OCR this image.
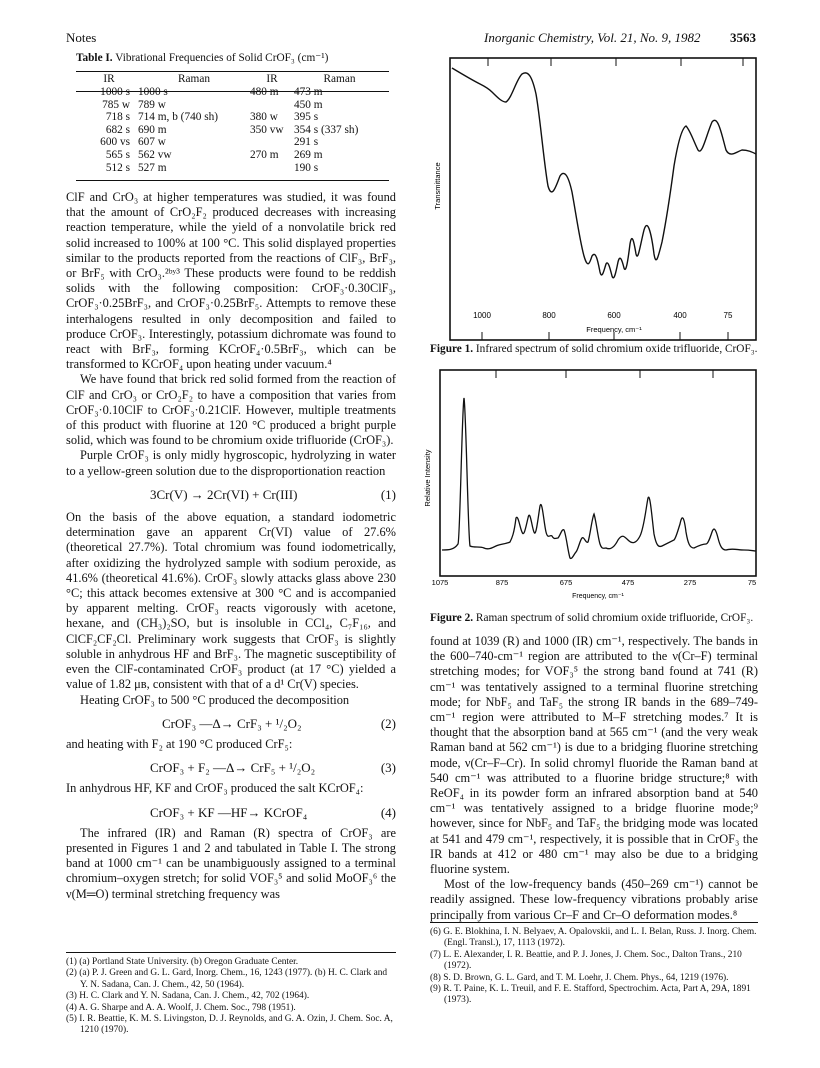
Notes	Inorganic Chemistry, Vol. 21, No. 9, 1982 3563
Table I. Vibrational Frequencies of Solid CrOF₃ (cm⁻¹)
IR	Raman	IR	Raman
1000 s	1000 s	480 m	473 m
785 w	789 w		450 m
718 s	714 m, b (740 sh)	380 w	395 s
682 s	690 m	350 vw	354 s (337 sh)
600 vs	607 w		291 s
565 s	562 vw	270 m	269 m
512 s	527 m		190 s

ClF and CrO₃ at higher temperatures was studied, it was found that the amount of CrO₂F₂ produced decreases with increasing reaction temperature, while the yield of a nonvolatile brick red solid increased to 100% at 100 °C. This solid displayed properties similar to the products reported from the reactions of ClF₃, BrF₃, or BrF₅ with CrO₃.²ᵇʸ³ These products were found to be reddish solids with the following composition: CrOF₃·0.30ClF₃, CrOF₃·0.25BrF₃, and CrOF₃·0.25BrF₅. Attempts to remove these interhalogens resulted in only decomposition and failed to produce CrOF₃. Interestingly, potassium dichromate was found to react with BrF₃, forming KCrOF₄·0.5BrF₃, which can be transformed to KCrOF₄ upon heating under vacuum.⁴

We have found that brick red solid formed from the reaction of ClF and CrO₃ or CrO₂F₂ to have a composition that varies from CrOF₃·0.10ClF to CrOF₃·0.21ClF. However, multiple treatments of this product with fluorine at 120 °C produced a bright purple solid, which was found to be chromium oxide trifluoride (CrOF₃).

Purple CrOF₃ is only midly hygroscopic, hydrolyzing in water to a yellow-green solution due to the disproportionation reaction

3Cr(V) → 2Cr(VI) + Cr(III)	(1)

On the basis of the above equation, a standard iodometric determination gave an apparent Cr(VI) value of 27.6% (theoretical 27.7%). Total chromium was found iodometrically, after oxidizing the hydrolyzed sample with sodium peroxide, as 41.6% (theoretical 41.6%). CrOF₃ slowly attacks glass above 230 °C; this attack becomes extensive at 300 °C and is accompanied by apparent melting. CrOF₃ reacts vigorously with acetone, hexane, and (CH₃)₂SO, but is insoluble in CCl₄, C₇F₁₆, and ClCF₂CF₂Cl. Preliminary work suggests that CrOF₃ is slightly soluble in anhydrous HF and BrF₃. The magnetic susceptibility of even the ClF-contaminated CrOF₃ product (at 17 °C) yielded a value of 1.82 μʙ, consistent with that of a d¹ Cr(V) species.

Heating CrOF₃ to 500 °C produced the decomposition

CrOF₃ —Δ→ CrF₃ + ¹/₂O₂	(2)

and heating with F₂ at 190 °C produced CrF₅:

CrOF₃ + F₂ —Δ→ CrF₅ + ¹/₂O₂	(3)

In anhydrous HF, KF and CrOF₃ produced the salt KCrOF₄:

CrOF₃ + KF —HF→ KCrOF₄	(4)

The infrared (IR) and Raman (R) spectra of CrOF₃ are presented in Figures 1 and 2 and tabulated in Table I. The strong band at 1000 cm⁻¹ can be unambiguously assigned to a terminal chromium–oxygen stretch; for solid VOF₃⁵ and solid MoOF₃⁶ the ν(M═O) terminal stretching frequency was

(1) (a) Portland State University. (b) Oregon Graduate Center.
(2) (a) P. J. Green and G. L. Gard, Inorg. Chem., 16, 1243 (1977). (b) H. C. Clark and Y. N. Sadana, Can. J. Chem., 42, 50 (1964).
(3) H. C. Clark and Y. N. Sadana, Can. J. Chem., 42, 702 (1964).
(4) A. G. Sharpe and A. A. Woolf, J. Chem. Soc., 798 (1951).
(5) I. R. Beattie, K. M. S. Livingston, D. J. Reynolds, and G. A. Ozin, J. Chem. Soc. A, 1210 (1970).
Transmittance
1000	800	600	400	75
Frequency, cm⁻¹
Figure 1. Infrared spectrum of solid chromium oxide trifluoride, CrOF₃.
Relative Intensity
1075	875	675	475	275	75
Frequency, cm⁻¹
Figure 2. Raman spectrum of solid chromium oxide trifluoride, CrOF₃.

found at 1039 (R) and 1000 (IR) cm⁻¹, respectively. The bands in the 600–740-cm⁻¹ region are attributed to the ν(Cr–F) terminal stretching modes; for VOF₃⁵ the strong band found at 741 (R) cm⁻¹ was tentatively assigned to a terminal fluorine stretching mode; for NbF₅ and TaF₅ the strong IR bands in the 689–749-cm⁻¹ region were attributed to M–F stretching modes.⁷ It is thought that the absorption band at 565 cm⁻¹ (and the very weak Raman band at 562 cm⁻¹) is due to a bridging fluorine stretching mode, ν(Cr–F–Cr). In solid chromyl fluoride the Raman band at 540 cm⁻¹ was attributed to a fluorine bridge structure;⁸ with ReOF₄ in its powder form an infrared absorption band at 540 cm⁻¹ was tentatively assigned to a bridge fluorine mode;⁹ however, since for NbF₅ and TaF₅ the bridging mode was located at 541 and 479 cm⁻¹, respectively, it is possible that in CrOF₃ the IR bands at 412 or 480 cm⁻¹ may also be due to a bridging fluorine system.

Most of the low-frequency bands (450–269 cm⁻¹) cannot be readily assigned. These low-frequency vibrations probably arise principally from various Cr–F and Cr–O deformation modes.⁸

(6) G. E. Blokhina, I. N. Belyaev, A. Opalovskii, and L. I. Belan, Russ. J. Inorg. Chem. (Engl. Transl.), 17, 1113 (1972).
(7) L. E. Alexander, I. R. Beattie, and P. J. Jones, J. Chem. Soc., Dalton Trans., 210 (1972).
(8) S. D. Brown, G. L. Gard, and T. M. Loehr, J. Chem. Phys., 64, 1219 (1976).
(9) R. T. Paine, K. L. Treuil, and F. E. Stafford, Spectrochim. Acta, Part A, 29A, 1891 (1973).
